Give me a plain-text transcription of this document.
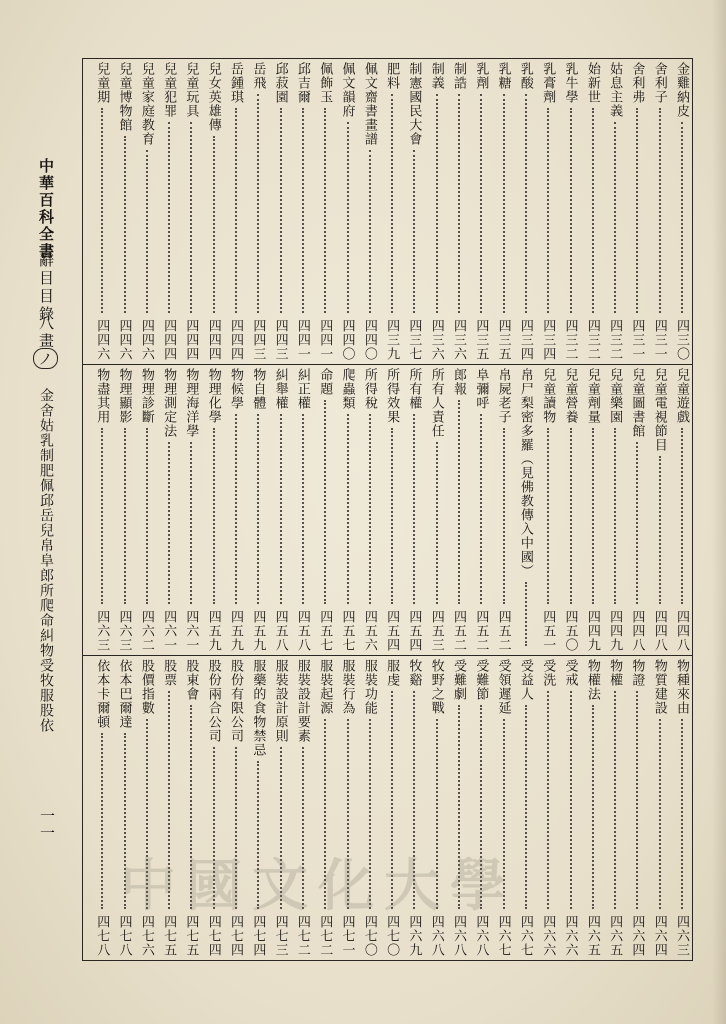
中華百科全書
辭目目錄
八畫
ノ
金舍姑乳制肥佩邱岳兒帛阜郎所爬命糾物受牧服股依
一一
金雞納皮
四三〇
舍利子
四三一
舍利弗
四三一
姑息主義
四三二
始新世
四三二
乳牛學
四三二
乳膏劑
四三四
乳酸
四三四
乳糖
四三五
乳劑
四三五
制誥
四三六
制義
四三六
制憲國民大會
四三七
肥料
四三九
佩文齋書畫譜
四四〇
佩文韻府
四四〇
佩飾玉
四四一
邱吉爾
四四一
邱菽園
四四三
岳飛
四四三
岳鍾琪
四四四
兒女英雄傳
四四四
兒童玩具
四四四
兒童犯罪
四四四
兒童家庭教育
四四六
兒童博物館
四四六
兒童期
四四六
兒童遊戲
四四八
兒童電視節目
四四八
兒童圖書館
四四八
兒童樂園
四四九
兒童劑量
四四九
兒童營養
四五〇
兒童讀物
四五一
帛尸梨密多羅（見佛教傳入中國）
帛屍老子
四五二
阜彌呼
四五二
郎報
四五二
所有人責任
四五三
所有權
四五四
所得效果
四五四
所得稅
四五六
爬蟲類
四五七
命題
四五七
糾正權
四五八
糾舉權
四五八
物自體
四五九
物候學
四五九
物理化學
四五九
物理海洋學
四六一
物理測定法
四六一
物理診斷
四六二
物理顯影
四六三
物盡其用
四六三
物種來由
四六三
物質建設
四六四
物證
四六四
物權
四六五
物權法
四六五
受戒
四六六
受洗
四六六
受益人
四六七
受領遲延
四六七
受難節
四六八
受難劇
四六八
牧野之戰
四六八
牧谿
四六九
服虔
四七〇
服裝功能
四七〇
服裝行為
四七一
服裝起源
四七二
服裝設計要素
四七二
服裝設計原則
四七三
服藥的食物禁忌
四七四
股份有限公司
四七四
股份兩合公司
四七四
股東會
四七五
股票
四七五
股價指數
四七六
依本巴爾達
四七八
依本卡爾頓
四七八
中國文化大學
